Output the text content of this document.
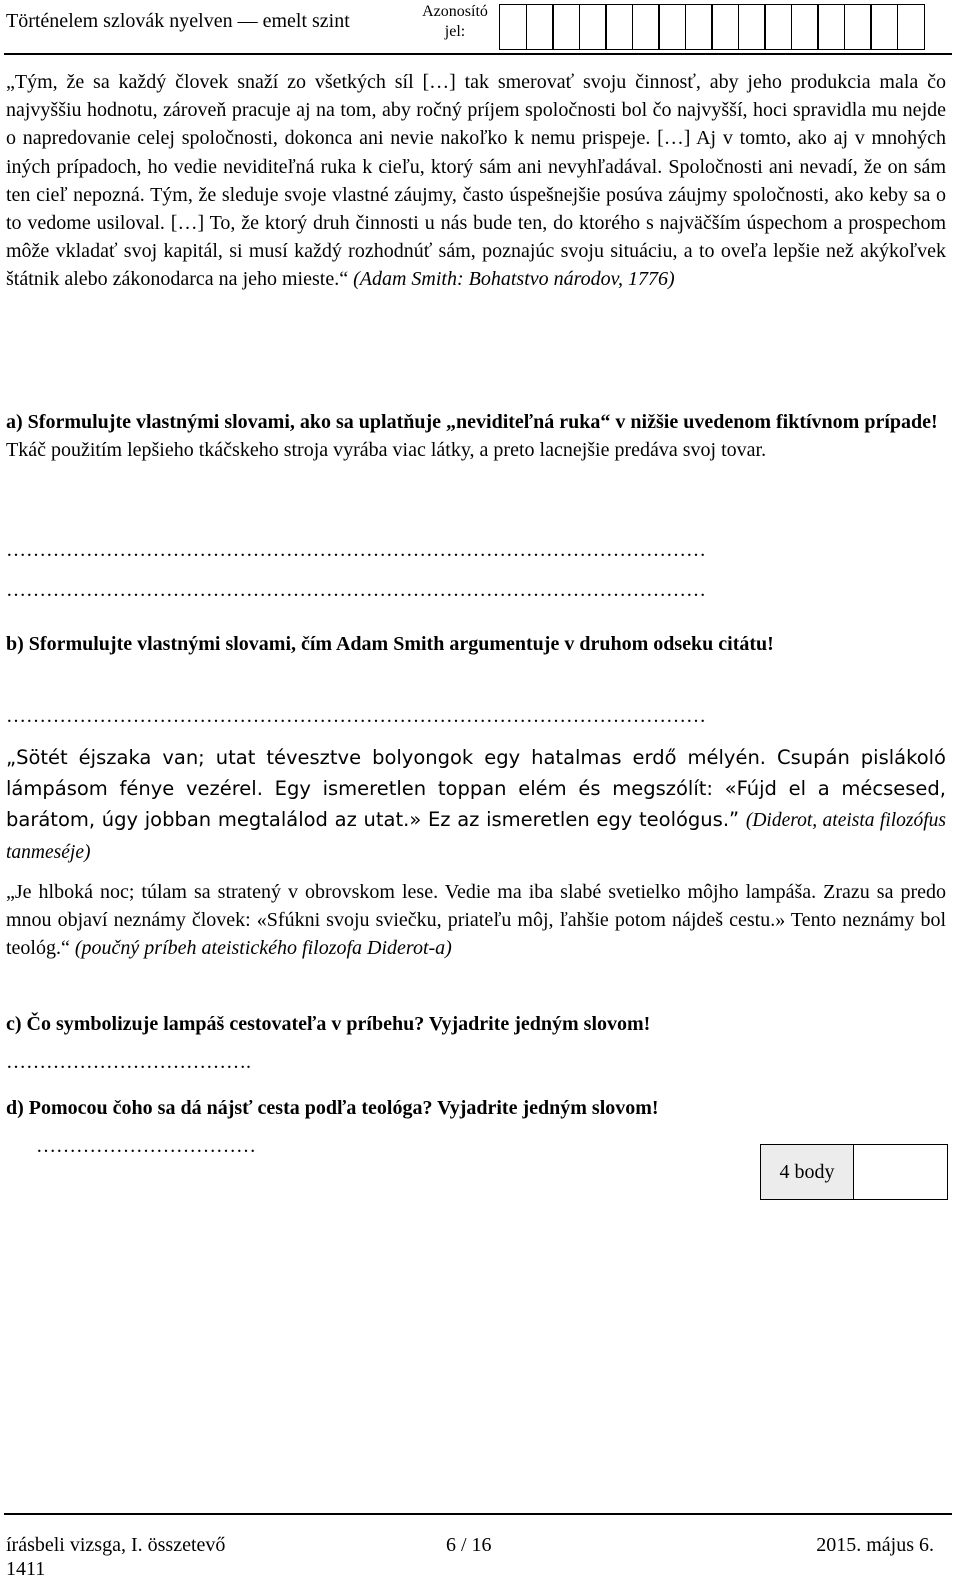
Történelem szlovák nyelven — emelt szint	Azonosító jel:

„Tým, že sa každý človek snaží zo všetkých síl […] tak smerovať svoju činnosť, aby jeho produkcia mala čo najvyššiu hodnotu, zároveň pracuje aj na tom, aby ročný príjem spoločnosti bol čo najvyšší, hoci spravidla mu nejde o napredovanie celej spoločnosti, dokonca ani nevie nakoľko k nemu prispeje. […] Aj v tomto, ako aj v mnohých iných prípadoch, ho vedie neviditeľná ruka k cieľu, ktorý sám ani nevyhľadával. Spoločnosti ani nevadí, že on sám ten cieľ nepozná. Tým, že sleduje svoje vlastné záujmy, často úspešnejšie posúva záujmy spoločnosti, ako keby sa o to vedome usiloval. […] To, že ktorý druh činnosti u nás bude ten, do ktorého s najväčším úspechom a prospechom môže vkladať svoj kapitál, si musí každý rozhodnúť sám, poznajúc svoju situáciu, a to oveľa lepšie než akýkoľvek štátnik alebo zákonodarca na jeho mieste.“ (Adam Smith: Bohatstvo národov, 1776)

a) Sformulujte vlastnými slovami, ako sa uplatňuje „neviditeľná ruka“ v nižšie uvedenom fiktívnom prípade!

Tkáč použitím lepšieho tkáčskeho stroja vyrába viac látky, a preto lacnejšie predáva svoj tovar.

……………………………………………………………………………………………
……………………………………………………………………………………………

b) Sformulujte vlastnými slovami, čím Adam Smith argumentuje v druhom odseku citátu!

……………………………………………………………………………………………

„Sötét éjszaka van; utat tévesztve bolyongok egy hatalmas erdő mélyén. Csupán pislákoló lámpásom fénye vezérel. Egy ismeretlen toppan elém és megszólít: «Fújd el a mécsesed, barátom, úgy jobban megtalálod az utat.» Ez az ismeretlen egy teológus.” (Diderot, ateista filozófus tanmeséje)

„Je hlboká noc; túlam sa stratený v obrovskom lese. Vedie ma iba slabé svetielko môjho lampáša. Zrazu sa predo mnou objaví neznámy človek: «Sfúkni svoju sviečku, priateľu môj, ľahšie potom nájdeš cestu.» Tento neznámy bol teológ.“ (poučný príbeh ateistického filozofa Diderot-a)

c) Čo symbolizuje lampáš cestovateľa v príbehu? Vyjadrite jedným slovom!

……………………………….

d) Pomocou čoho sa dá nájsť cesta podľa teológa? Vyjadrite jedným slovom!

……………………………
4 body
írásbeli vizsga, I. összetevő
1411
6 / 16	2015. május 6.
